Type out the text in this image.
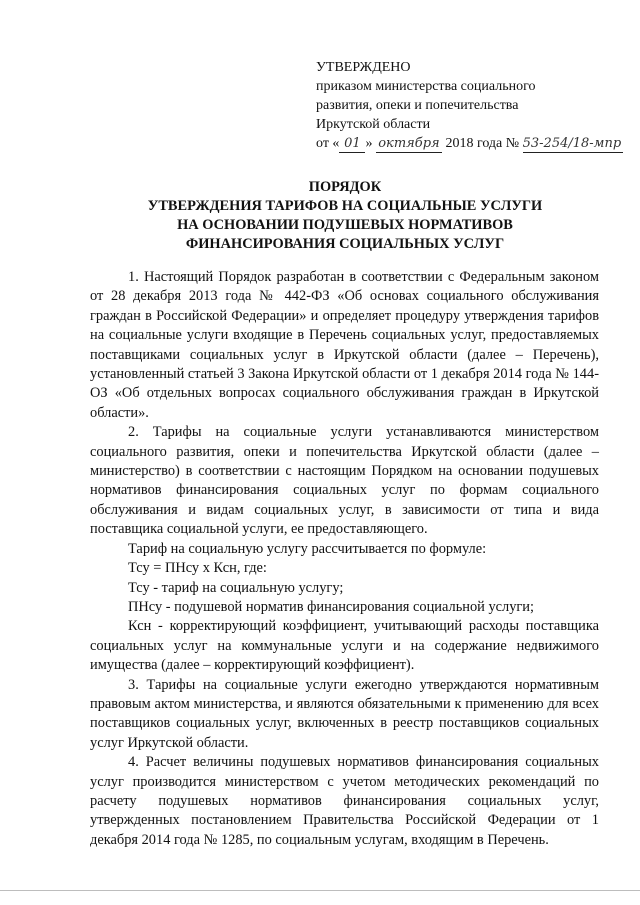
УТВЕРЖДЕНО
приказом министерства социального
развития, опеки и попечительства
Иркутской области
от « 01 » октября 2018 года № 53-254/18-мпр
ПОРЯДОК
УТВЕРЖДЕНИЯ ТАРИФОВ НА СОЦИАЛЬНЫЕ УСЛУГИ
НА ОСНОВАНИИ ПОДУШЕВЫХ НОРМАТИВОВ
ФИНАНСИРОВАНИЯ СОЦИАЛЬНЫХ УСЛУГ

1. Настоящий Порядок разработан в соответствии с Федеральным законом от 28 декабря 2013 года № 442-ФЗ «Об основах социального обслуживания граждан в Российской Федерации» и определяет процедуру утверждения тарифов на социальные услуги входящие в Перечень социальных услуг, предоставляемых поставщиками социальных услуг в Иркутской области (далее – Перечень), установленный статьей 3 Закона Иркутской области от 1 декабря 2014 года № 144-ОЗ «Об отдельных вопросах социального обслуживания граждан в Иркутской области».

2. Тарифы на социальные услуги устанавливаются министерством социального развития, опеки и попечительства Иркутской области (далее – министерство) в соответствии с настоящим Порядком на основании подушевых нормативов финансирования социальных услуг по формам социального обслуживания и видам социальных услуг, в зависимости от типа и вида поставщика социальной услуги, ее предоставляющего.

Тариф на социальную услугу рассчитывается по формуле:

Тсу = ПНсу х Ксн, где:

Тсу - тариф на социальную услугу;

ПНсу - подушевой норматив финансирования социальной услуги;

Ксн - корректирующий коэффициент, учитывающий расходы поставщика социальных услуг на коммунальные услуги и на содержание недвижимого имущества (далее – корректирующий коэффициент).

3. Тарифы на социальные услуги ежегодно утверждаются нормативным правовым актом министерства, и являются обязательными к применению для всех поставщиков социальных услуг, включенных в реестр поставщиков социальных услуг Иркутской области.

4. Расчет величины подушевых нормативов финансирования социальных услуг производится министерством с учетом методических рекомендаций по расчету подушевых нормативов финансирования социальных услуг, утвержденных постановлением Правительства Российской Федерации от 1 декабря 2014 года № 1285, по социальным услугам, входящим в Перечень.
